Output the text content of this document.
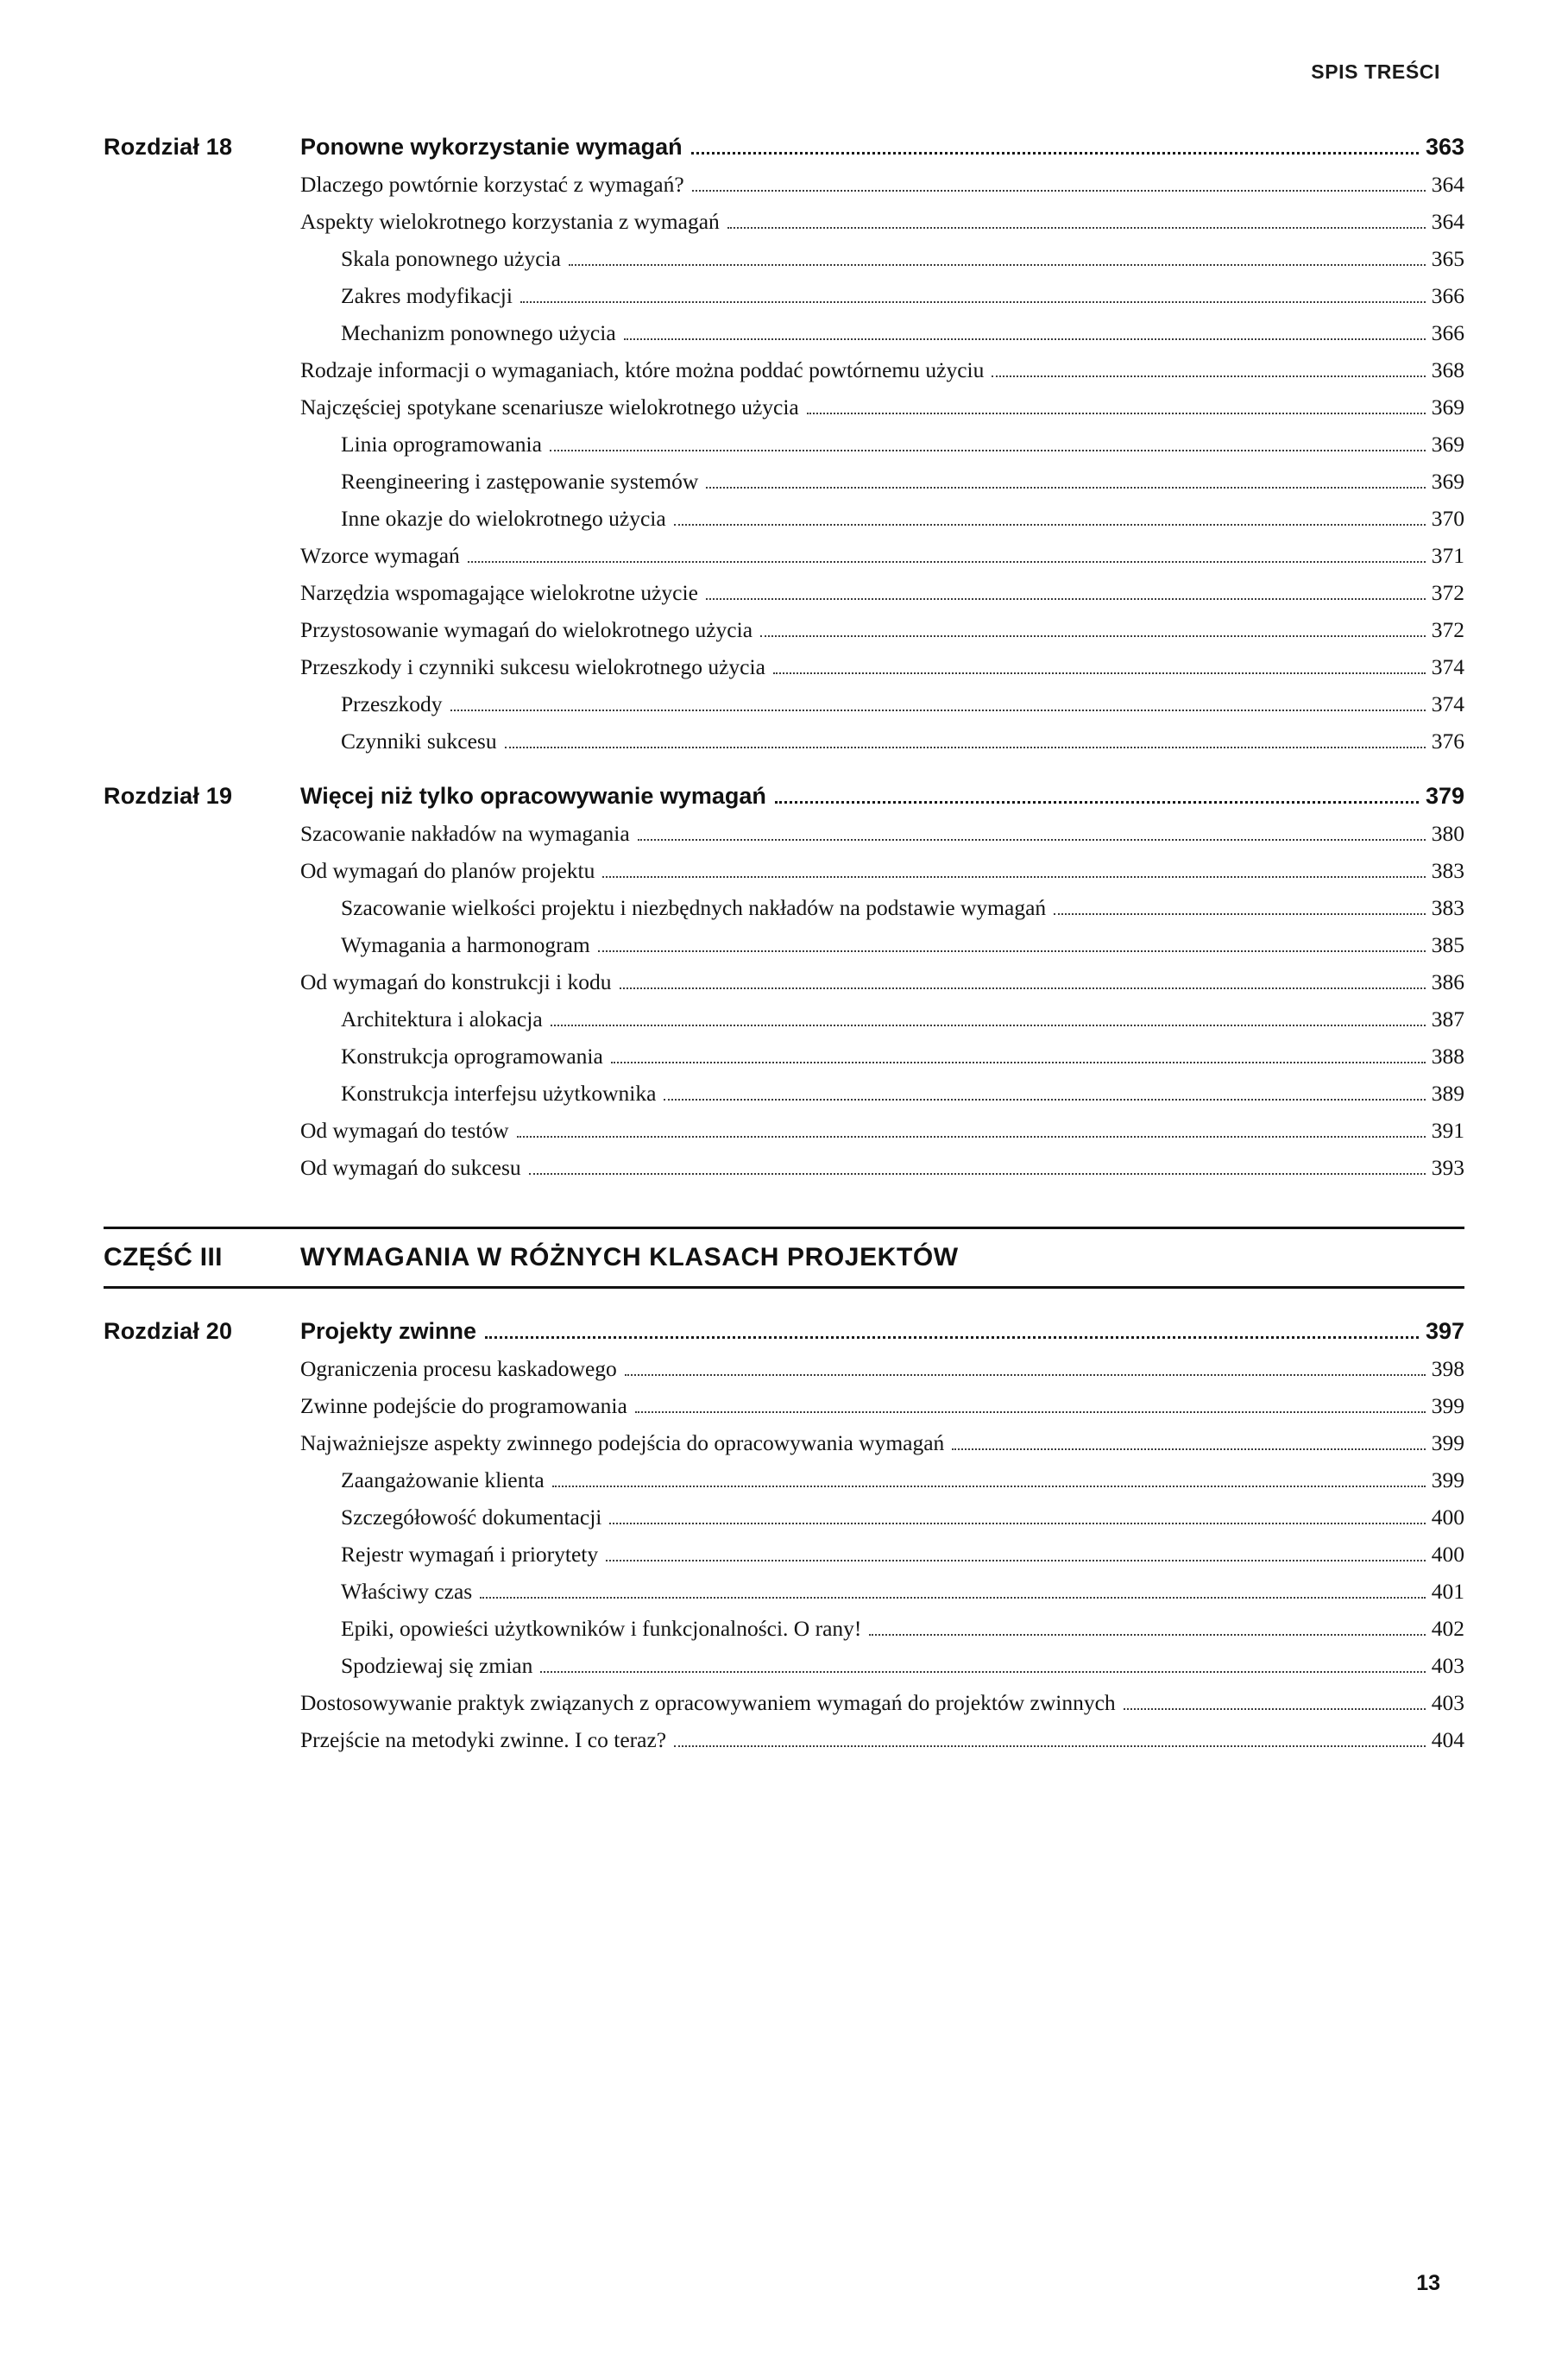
SPIS TREŚCI
Rozdział 18	Ponowne wykorzystanie wymagań	363
Dlaczego powtórnie korzystać z wymagań?	364
Aspekty wielokrotnego korzystania z wymagań	364
Skala ponownego użycia	365
Zakres modyfikacji	366
Mechanizm ponownego użycia	366
Rodzaje informacji o wymaganiach, które można poddać powtórnemu użyciu	368
Najczęściej spotykane scenariusze wielokrotnego użycia	369
Linia oprogramowania	369
Reengineering i zastępowanie systemów	369
Inne okazje do wielokrotnego użycia	370
Wzorce wymagań	371
Narzędzia wspomagające wielokrotne użycie	372
Przystosowanie wymagań do wielokrotnego użycia	372
Przeszkody i czynniki sukcesu wielokrotnego użycia	374
Przeszkody	374
Czynniki sukcesu	376
Rozdział 19	Więcej niż tylko opracowywanie wymagań	379
Szacowanie nakładów na wymagania	380
Od wymagań do planów projektu	383
Szacowanie wielkości projektu i niezbędnych nakładów na podstawie wymagań	383
Wymagania a harmonogram	385
Od wymagań do konstrukcji i kodu	386
Architektura i alokacja	387
Konstrukcja oprogramowania	388
Konstrukcja interfejsu użytkownika	389
Od wymagań do testów	391
Od wymagań do sukcesu	393
CZĘŚĆ III	WYMAGANIA W RÓŻNYCH KLASACH PROJEKTÓW
Rozdział 20	Projekty zwinne	397
Ograniczenia procesu kaskadowego	398
Zwinne podejście do programowania	399
Najważniejsze aspekty zwinnego podejścia do opracowywania wymagań	399
Zaangażowanie klienta	399
Szczegółowość dokumentacji	400
Rejestr wymagań i priorytety	400
Właściwy czas	401
Epiki, opowieści użytkowników i funkcjonalności. O rany!	402
Spodziewaj się zmian	403
Dostosowywanie praktyk związanych z opracowywaniem wymagań do projektów zwinnych	403
Przejście na metodyki zwinne. I co teraz?	404
13
